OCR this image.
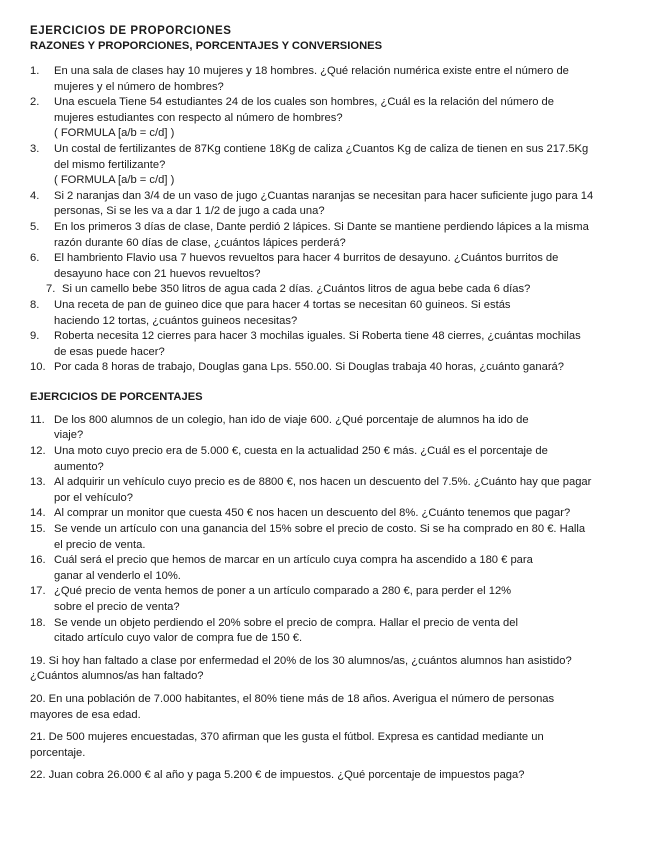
EJERCICIOS DE PROPORCIONES
RAZONES Y PROPORCIONES, PORCENTAJES Y CONVERSIONES
1. En una sala de clases hay 10 mujeres y 18 hombres. ¿Qué relación numérica existe entre el número de
mujeres y el número de hombres?
2. Una escuela Tiene 54 estudiantes 24 de los cuales son hombres, ¿Cuál es la relación del número de
mujeres estudiantes con respecto al número de hombres?
( FORMULA [a/b = c/d] )
3. Un costal de fertilizantes de 87Kg contiene 18Kg de caliza ¿Cuantos Kg de caliza de tienen en sus 217.5Kg
del mismo fertilizante?
( FORMULA [a/b = c/d] )
4. Si 2 naranjas dan 3/4 de un vaso de jugo ¿Cuantas naranjas se necesitan para hacer suficiente jugo para 14
personas, Si se les va a dar 1 1/2 de jugo a cada una?
5. En los primeros 3 días de clase, Dante perdió 2 lápices. Si Dante se mantiene perdiendo lápices a la misma
razón durante 60 días de clase, ¿cuántos lápices perderá?
6. El hambriento Flavio usa 7 huevos revueltos para hacer 4 burritos de desayuno. ¿Cuántos burritos de
desayuno hace con 21 huevos revueltos?
7. Si un camello bebe 350 litros de agua cada 2 días. ¿Cuántos litros de agua bebe cada 6 días?
8. Una receta de pan de guineo dice que para hacer 4 tortas se necesitan 60 guineos. Si estás
haciendo 12 tortas, ¿cuántos guineos necesitas?
9. Roberta necesita 12 cierres para hacer 3 mochilas iguales. Si Roberta tiene 48 cierres, ¿cuántas mochilas
de esas puede hacer?
10. Por cada 8 horas de trabajo, Douglas gana Lps. 550.00. Si Douglas trabaja 40 horas, ¿cuánto ganará?
EJERCICIOS DE PORCENTAJES
11. De los 800 alumnos de un colegio, han ido de viaje 600. ¿Qué porcentaje de alumnos ha ido de
viaje?
12. Una moto cuyo precio era de 5.000 €, cuesta en la actualidad 250 € más. ¿Cuál es el porcentaje de
aumento?
13. Al adquirir un vehículo cuyo precio es de 8800 €, nos hacen un descuento del 7.5%. ¿Cuánto hay que pagar
por el vehículo?
14. Al comprar un monitor que cuesta 450 € nos hacen un descuento del 8%. ¿Cuánto tenemos que pagar?
15. Se vende un artículo con una ganancia del 15% sobre el precio de costo. Si se ha comprado en 80 €. Halla
el precio de venta.
16. Cuál será el precio que hemos de marcar en un artículo cuya compra ha ascendido a 180 € para
ganar al venderlo el 10%.
17. ¿Qué precio de venta hemos de poner a un artículo comparado a 280 €, para perder el 12%
sobre el precio de venta?
18. Se vende un objeto perdiendo el 20% sobre el precio de compra. Hallar el precio de venta del
citado artículo cuyo valor de compra fue de 150 €.
19. Si hoy han faltado a clase por enfermedad el 20% de los 30 alumnos/as, ¿cuántos alumnos han asistido?
¿Cuántos alumnos/as han faltado?
20. En una población de 7.000 habitantes, el 80% tiene más de 18 años. Averigua el número de personas
mayores de esa edad.
21. De 500 mujeres encuestadas, 370 afirman que les gusta el fútbol. Expresa es cantidad mediante un
porcentaje.
22. Juan cobra 26.000 € al año y paga 5.200 € de impuestos. ¿Qué porcentaje de impuestos paga?
